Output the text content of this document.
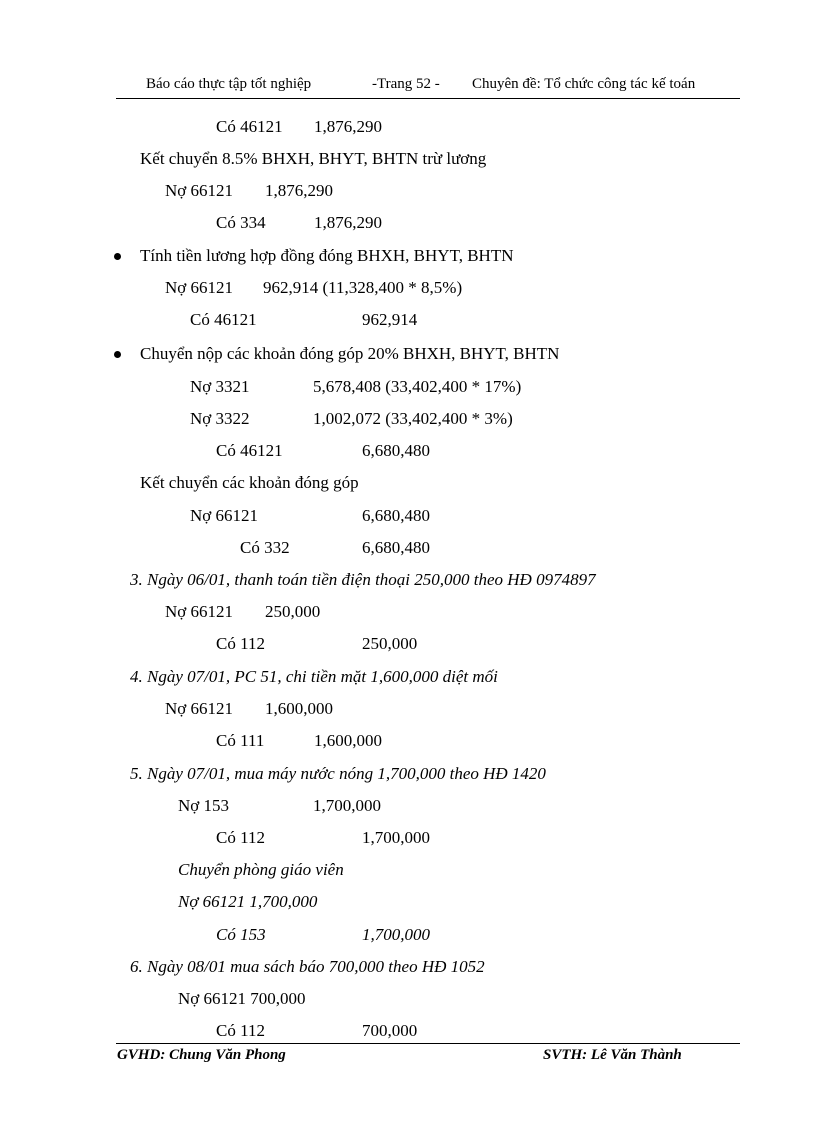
Báo cáo thực tập tốt nghiệp	-Trang 52 - Chuyên đề: Tổ chức công tác kế toán
Có 46121 1,876,290
Kết chuyển 8.5% BHXH, BHYT, BHTN trừ lương
Nợ 66121 1,876,290
Có 334	1,876,290
Tính tiền lương hợp đồng đóng BHXH, BHYT, BHTN
Nợ 66121 962,914 (11,328,400 * 8,5%)
Có 46121	962,914
Chuyển nộp các khoản đóng góp 20% BHXH, BHYT, BHTN
Nợ 3321	5,678,408 (33,402,400 * 17%)
Nợ 3322	1,002,072 (33,402,400 * 3%)
Có 46121	6,680,480
Kết chuyển các khoản đóng góp
Nợ 66121	6,680,480
Có 332	6,680,480
3. Ngày 06/01, thanh toán tiền điện thoại 250,000 theo HĐ 0974897
Nợ 66121 250,000
Có 112	250,000
4. Ngày 07/01, PC 51, chi tiền mặt 1,600,000 diệt mối
Nợ 66121 1,600,000
Có 111	1,600,000
5. Ngày 07/01, mua máy nước nóng 1,700,000 theo HĐ 1420
Nợ 153	1,700,000
Có 112	1,700,000
Chuyển phòng giáo viên
Nợ 66121 1,700,000
Có 153	1,700,000
6. Ngày 08/01 mua sách báo 700,000 theo HĐ 1052
Nợ 66121 700,000
Có 112	700,000
GVHD: Chung Văn Phong	SVTH: Lê Văn Thành
